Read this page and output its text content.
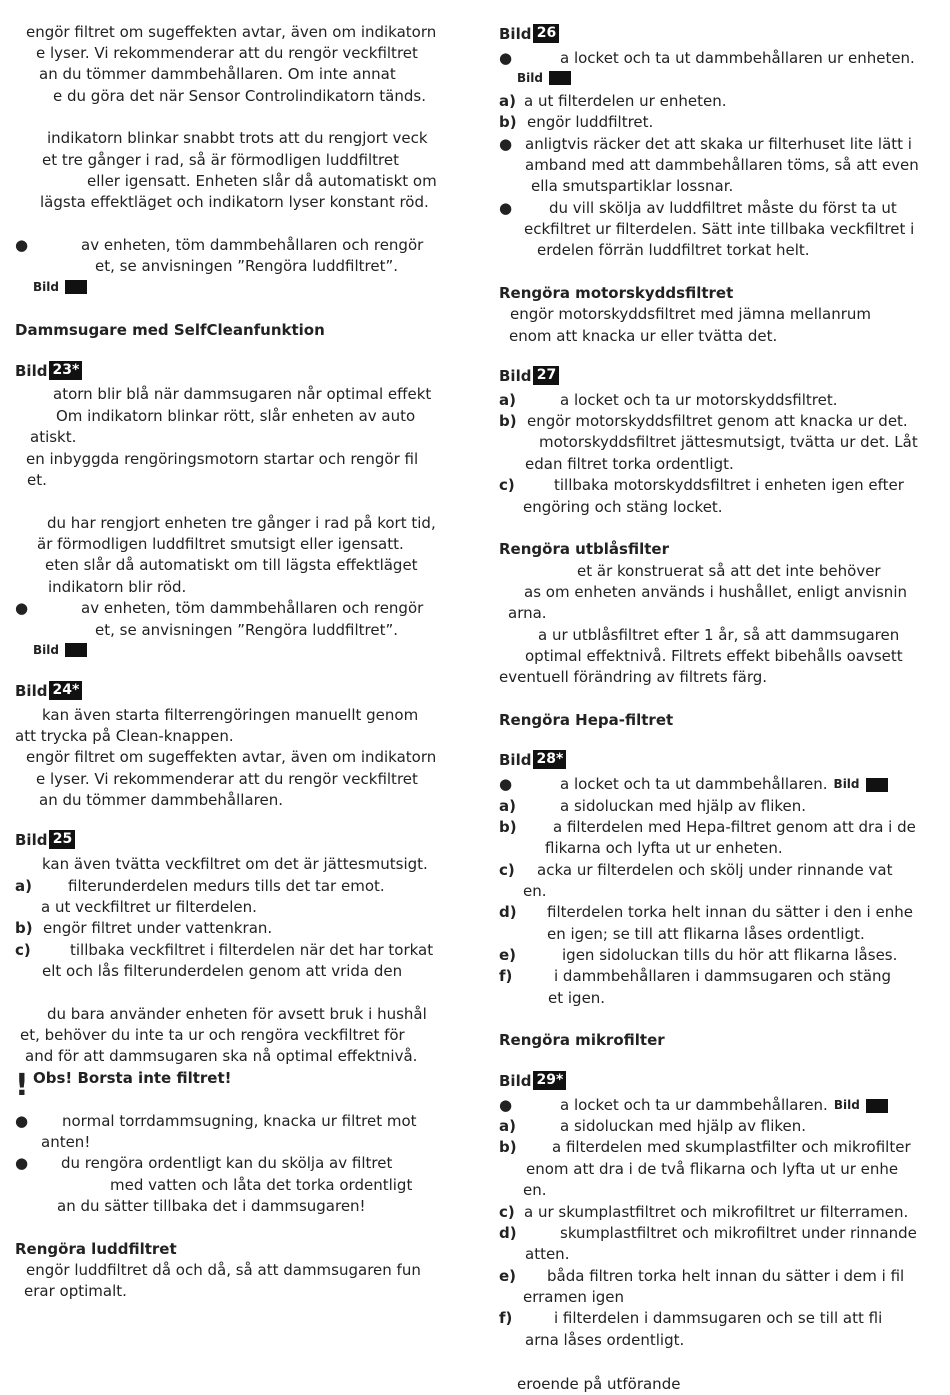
engör filtret om sugeffekten avtar, även om indikatorn
e lyser. Vi rekommenderar att du rengör veckfiltret
an du tömmer dammbehållaren. Om inte annat
e du göra det när Sensor Controlindikatorn tänds.
indikatorn blinkar snabbt trots att du rengjort veck
et tre gånger i rad, så är förmodligen luddfiltret
eller igensatt. Enheten slår då automatiskt om
lägsta effektläget och indikatorn lyser konstant röd.
●	av enheten, töm dammbehållaren och rengör
et, se anvisningen ”Rengöra luddfiltret”.
Bild
Dammsugare med SelfCleanfunktion
Bild 23*
atorn blir blå när dammsugaren når optimal effekt
Om indikatorn blinkar rött, slår enheten av auto
atiskt.
en inbyggda rengöringsmotorn startar och rengör fil
et.
du har rengjort enheten tre gånger i rad på kort tid,
är förmodligen luddfiltret smutsigt eller igensatt.
eten slår då automatiskt om till lägsta effektläget
indikatorn blir röd.
●	av enheten, töm dammbehållaren och rengör
et, se anvisningen ”Rengöra luddfiltret”.
Bild
Bild 24*
kan även starta filterrengöringen manuellt genom
att trycka på Clean-knappen.
engör filtret om sugeffekten avtar, även om indikatorn
e lyser. Vi rekommenderar att du rengör veckfiltret
an du tömmer dammbehållaren.
Bild 25
kan även tvätta veckfiltret om det är jättesmutsigt.
a) filterunderdelen medurs tills det tar emot.
a ut veckfiltret ur filterdelen.
b) engör filtret under vattenkran.
c)	tillbaka veckfiltret i filterdelen när det har torkat
elt och lås filterunderdelen genom att vrida den
du bara använder enheten för avsett bruk i hushål
et, behöver du inte ta ur och rengöra veckfiltret för
and för att dammsugaren ska nå optimal effektnivå.
! Obs! Borsta inte filtret!
● normal torrdammsugning, knacka ur filtret mot
anten!
● du rengöra ordentligt kan du skölja av filtret
med vatten och låta det torka ordentligt
an du sätter tillbaka det i dammsugaren!
Rengöra luddfiltret
engör luddfiltret då och då, så att dammsugaren fun
erar optimalt.
Bild 26
●	a locket och ta ut dammbehållaren ur enheten.
Bild
a) a ut filterdelen ur enheten.
b) engör luddfiltret.
● anligtvis räcker det att skaka ur filterhuset lite lätt i
amband med att dammbehållaren töms, så att even
ella smutspartiklar lossnar.
● du vill skölja av luddfiltret måste du först ta ut
eckfiltret ur filterdelen. Sätt inte tillbaka veckfiltret i
erdelen förrän luddfiltret torkat helt.
Rengöra motorskyddsfiltret
engör motorskyddsfiltret med jämna mellanrum
enom att knacka ur eller tvätta det.
Bild 27
a)	a locket och ta ur motorskyddsfiltret.
b) engör motorskyddsfiltret genom att knacka ur det.
motorskyddsfiltret jättesmutsigt, tvätta ur det. Låt
edan filtret torka ordentligt.
c)	tillbaka motorskyddsfiltret i enheten igen efter
engöring och stäng locket.
Rengöra utblåsfilter
et är konstruerat så att det inte behöver
as om enheten används i hushållet, enligt anvisnin
arna.
a ur utblåsfiltret efter 1 år, så att dammsugaren
optimal effektnivå. Filtrets effekt bibehålls oavsett
eventuell förändring av filtrets färg.
Rengöra Hepa-filtret
Bild 28*
●	a locket och ta ut dammbehållaren. Bild
a)	a sidoluckan med hjälp av fliken.
b) a filterdelen med Hepa-filtret genom att dra i de
flikarna och lyfta ut ur enheten.
c) acka ur filterdelen och skölj under rinnande vat
en.
d) filterdelen torka helt innan du sätter i den i enhe
en igen; se till att flikarna låses ordentligt.
e)	igen sidoluckan tills du hör att flikarna låses.
f)	i dammbehållaren i dammsugaren och stäng
et igen.
Rengöra mikrofilter
Bild 29*
●	a locket och ta ur dammbehållaren. Bild
a)	a sidoluckan med hjälp av fliken.
b) a filterdelen med skumplastfilter och mikrofilter
enom att dra i de två flikarna och lyfta ut ur enhe
en.
c) a ur skumplastfiltret och mikrofiltret ur filterramen.
d)	skumplastfiltret och mikrofiltret under rinnande
atten.
e) båda filtren torka helt innan du sätter i dem i fil
erramen igen
f)	i filterdelen i dammsugaren och se till att fli
arna låses ordentligt.
eroende på utförande
